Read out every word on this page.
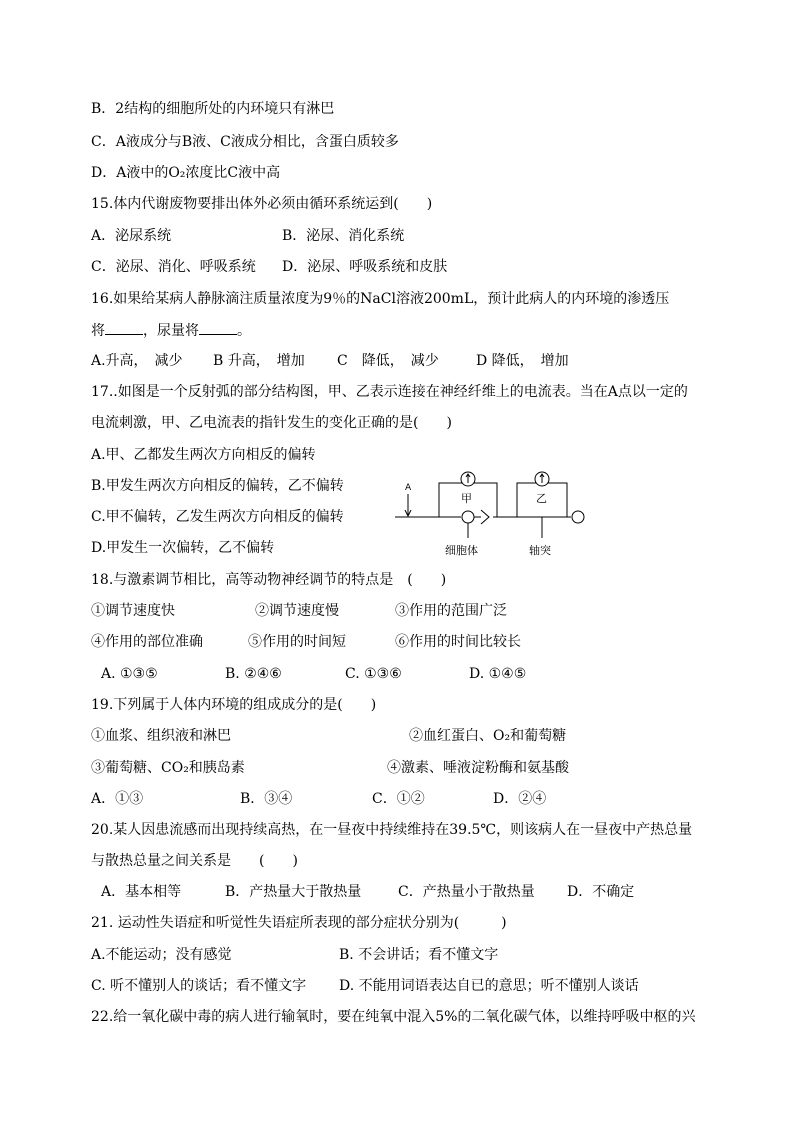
B．2结构的细胞所处的内环境只有淋巴
C．A液成分与B液、C液成分相比，含蛋白质较多
D．A液中的O₂浓度比C液中高
15.体内代谢废物要排出体外必须由循环系统运到(　　)
A．泌尿系统	B．泌尿、消化系统
C．泌尿、消化、呼吸系统 D．泌尿、呼吸系统和皮肤
16.如果给某病人静脉滴注质量浓度为9％的NaCl溶液200mL，预计此病人的内环境的渗透压
将	，尿量将	。
A.升高，　减少 B 升高，　增加 C　降低，　减少	D 降低，　增加
17..如图是一个反射弧的部分结构图，甲、乙表示连接在神经纤维上的电流表。当在A点以一定的
电流刺激，甲、乙电流表的指针发生的变化正确的是(　　)
A.甲、乙都发生两次方向相反的偏转
B.甲发生两次方向相反的偏转，乙不偏转
C.甲不偏转，乙发生两次方向相反的偏转
D.甲发生一次偏转，乙不偏转
A
甲	乙
细胞体	轴突
18.与激素调节相比，高等动物神经调节的特点是　(　　)
①调节速度快	②调节速度慢	③作用的范围广泛
④作用的部位准确	⑤作用的时间短	⑥作用的时间比较长
A. ①③⑤	B. ②④⑥	C. ①③⑥	D. ①④⑤
19.下列属于人体内环境的组成成分的是(　　)
①血浆、组织液和淋巴	②血红蛋白、O₂和葡萄糖
③葡萄糖、CO₂和胰岛素	④激素、唾液淀粉酶和氨基酸
A．①③	B．③④	C．①②	D．②④
20.某人因患流感而出现持续高热，在一昼夜中持续维持在39.5℃，则该病人在一昼夜中产热总量
与散热总量之间关系是　　(　　)
A．基本相等	B．产热量大于散热量	C．产热量小于散热量 D．不确定
21. 运动性失语症和听觉性失语症所表现的部分症状分别为(　　　)
A.不能运动；没有感觉	B. 不会讲话；看不懂文字
C. 听不懂别人的谈话；看不懂文字 D. 不能用词语表达自已的意思；听不懂别人谈话
22.给一氧化碳中毒的病人进行输氧时，要在纯氧中混入5%的二氧化碳气体，以维持呼吸中枢的兴
